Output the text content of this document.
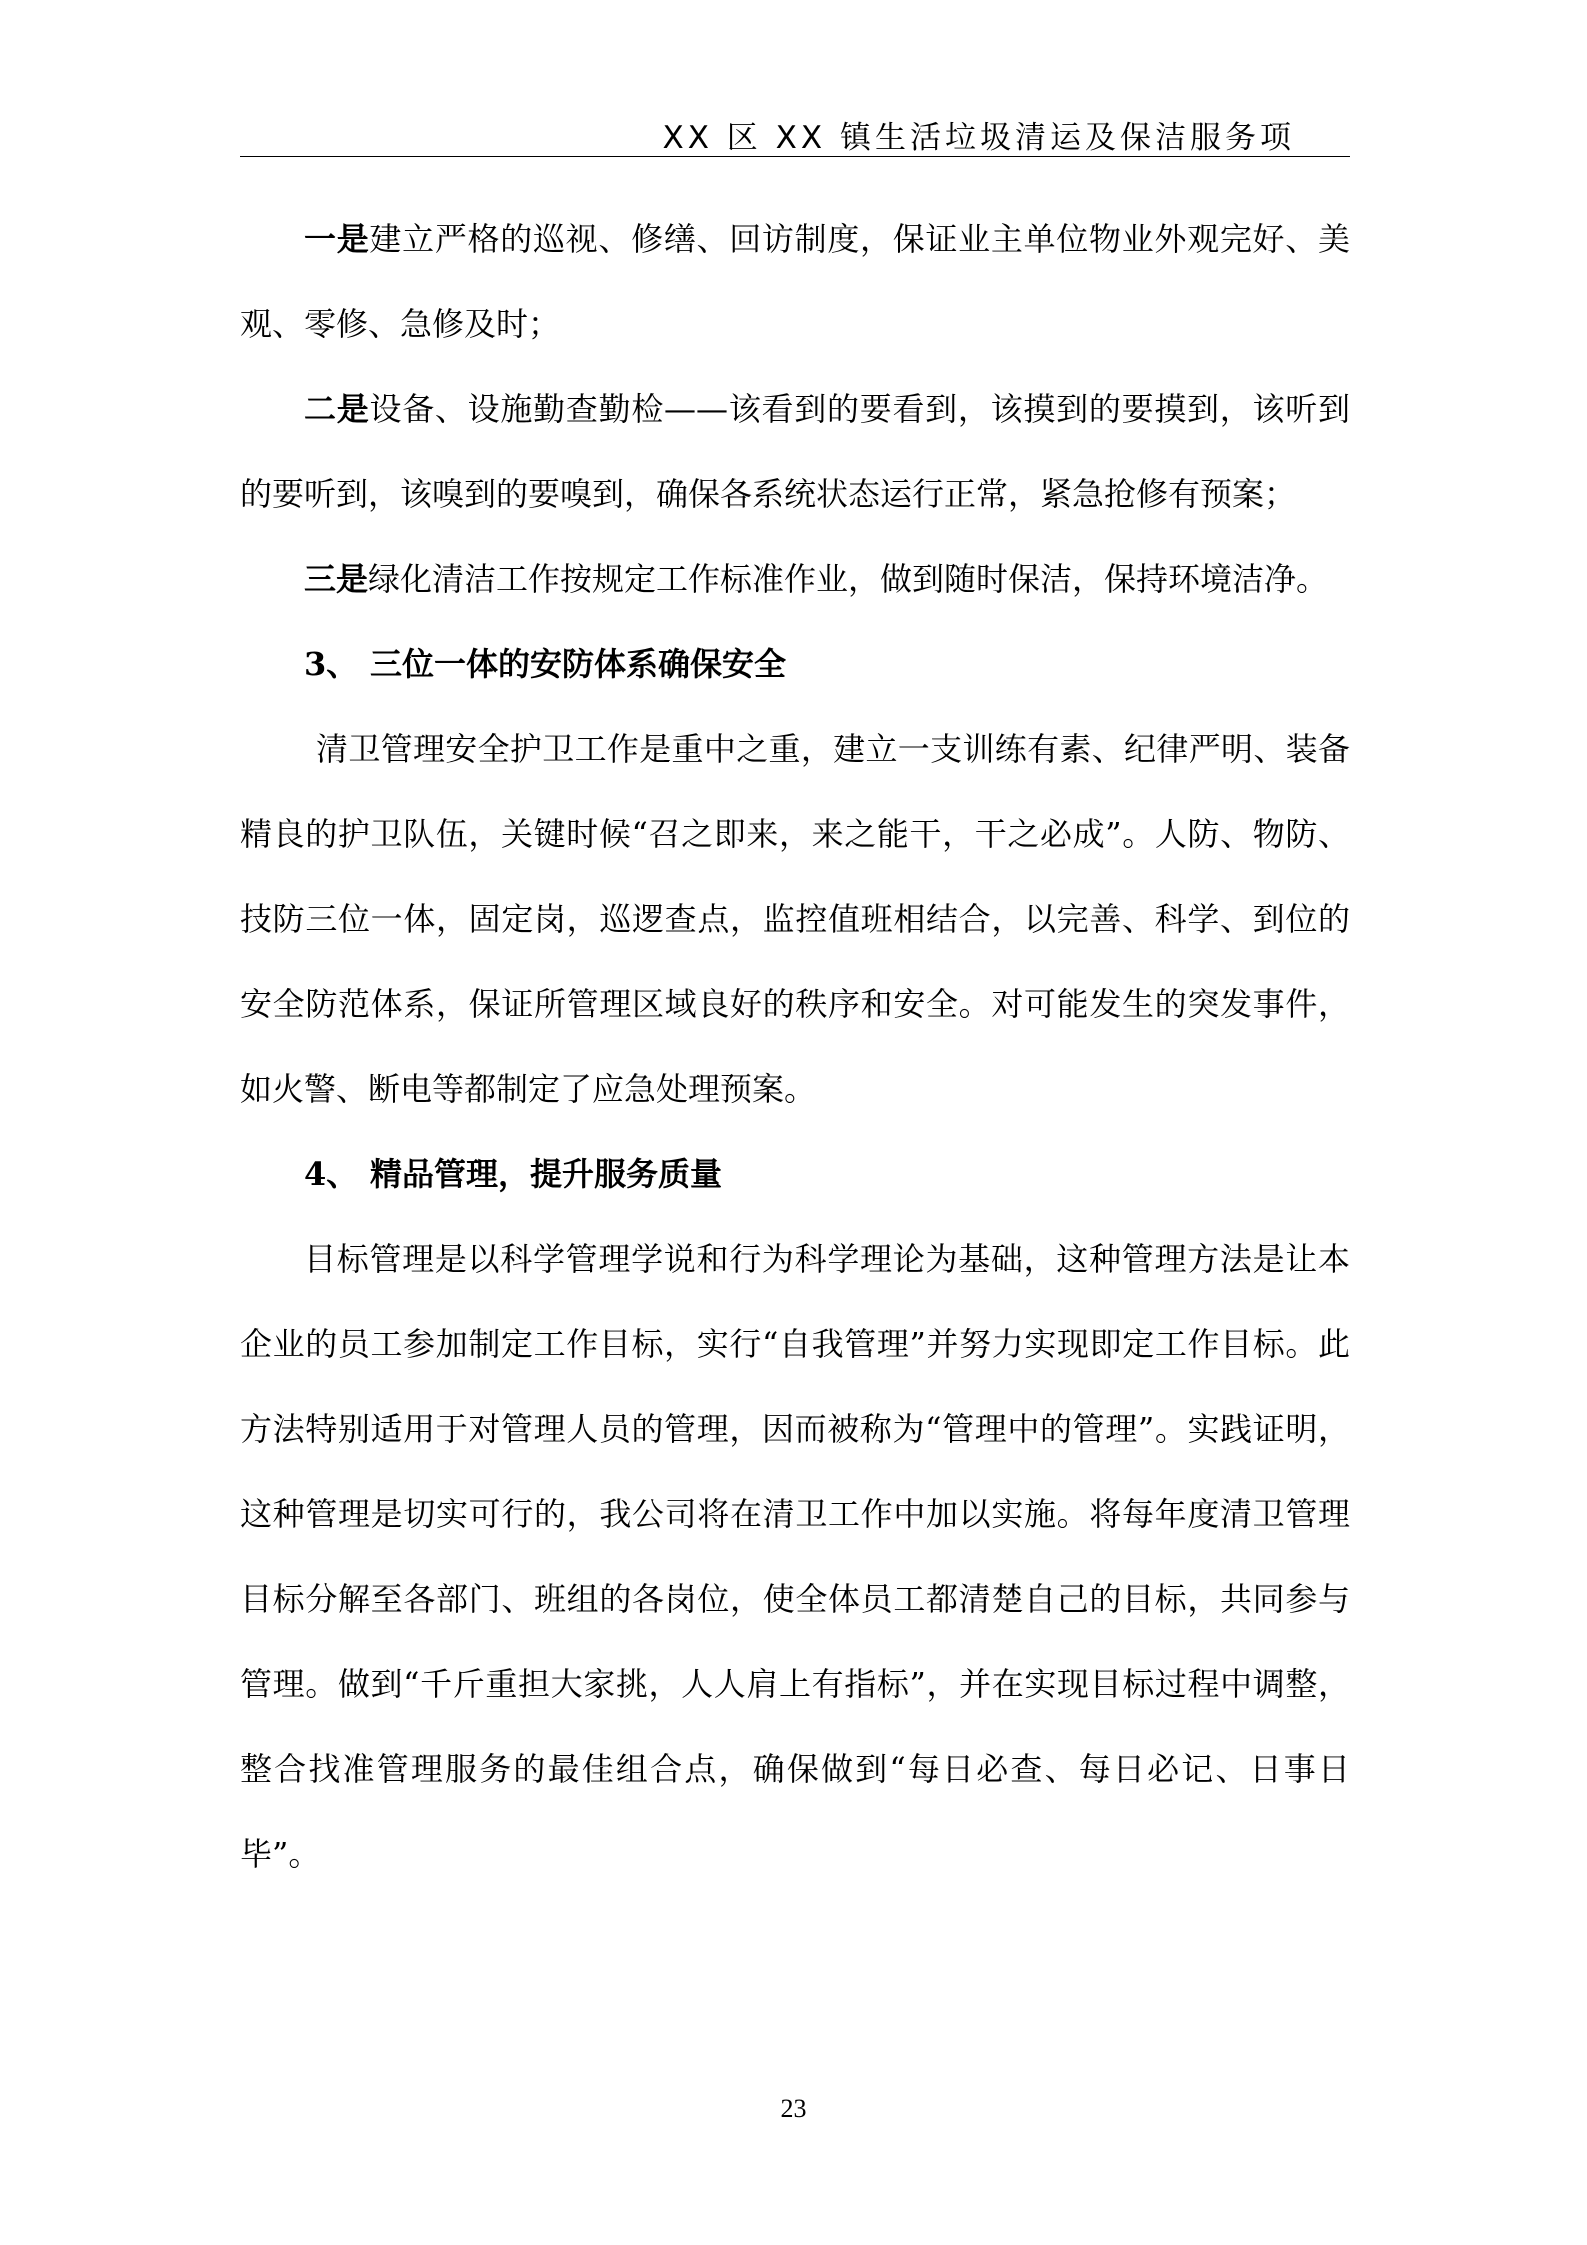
XX 区 XX 镇生活垃圾清运及保洁服务项

一是建立严格的巡视、修缮、回访制度，保证业主单位物业外观完好、美观、零修、急修及时；

二是设备、设施勤查勤检——该看到的要看到，该摸到的要摸到，该听到的要听到，该嗅到的要嗅到，确保各系统状态运行正常，紧急抢修有预案；

三是绿化清洁工作按规定工作标准作业，做到随时保洁，保持环境洁净。

3、 三位一体的安防体系确保安全

清卫管理安全护卫工作是重中之重，建立一支训练有素、纪律严明、装备精良的护卫队伍，关键时候“召之即来，来之能干，干之必成”。人防、物防、技防三位一体，固定岗，巡逻查点，监控值班相结合，以完善、科学、到位的安全防范体系，保证所管理区域良好的秩序和安全。对可能发生的突发事件，如火警、断电等都制定了应急处理预案。

4、 精品管理，提升服务质量

目标管理是以科学管理学说和行为科学理论为基础，这种管理方法是让本企业的员工参加制定工作目标，实行“自我管理”并努力实现即定工作目标。此方法特别适用于对管理人员的管理，因而被称为“管理中的管理”。实践证明，这种管理是切实可行的，我公司将在清卫工作中加以实施。将每年度清卫管理目标分解至各部门、班组的各岗位，使全体员工都清楚自己的目标，共同参与管理。做到“千斤重担大家挑，人人肩上有指标”，并在实现目标过程中调整，整合找准管理服务的最佳组合点，确保做到“每日必查、每日必记、日事日毕”。

23
